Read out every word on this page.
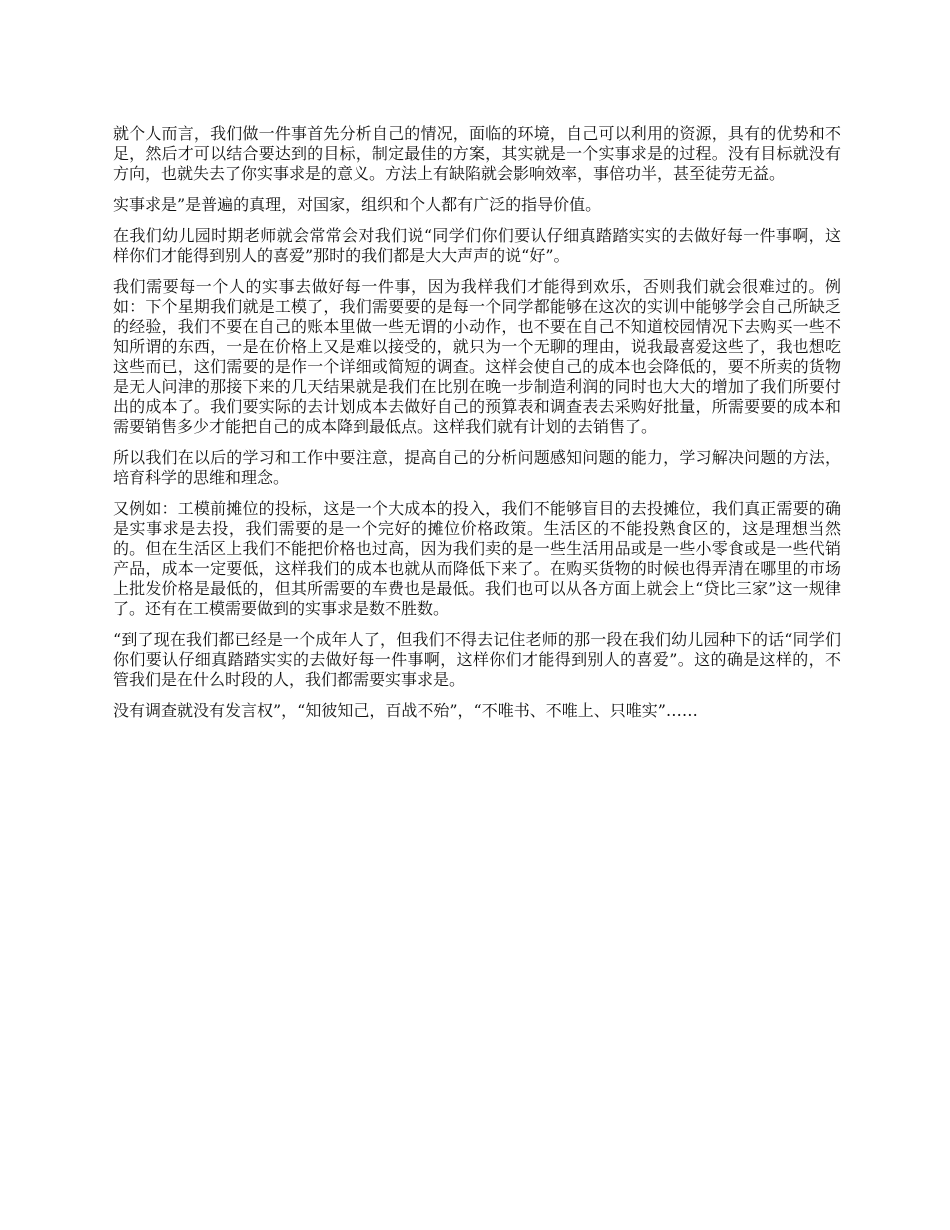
就个人而言，我们做一件事首先分析自己的情况，面临的环境，自己可以利用的资源，具有的优势和不足，然后才可以结合要达到的目标，制定最佳的方案，其实就是一个实事求是的过程。没有目标就没有方向，也就失去了你实事求是的意义。方法上有缺陷就会影响效率，事倍功半，甚至徒劳无益。

实事求是”是普遍的真理，对国家，组织和个人都有广泛的指导价值。

在我们幼儿园时期老师就会常常会对我们说“同学们你们要认仔细真踏踏实实的去做好每一件事啊，这样你们才能得到别人的喜爱”那时的我们都是大大声声的说“好”。

我们需要每一个人的实事去做好每一件事，因为我样我们才能得到欢乐，否则我们就会很难过的。例如：下个星期我们就是工模了，我们需要要的是每一个同学都能够在这次的实训中能够学会自己所缺乏的经验，我们不要在自己的账本里做一些无谓的小动作，也不要在自己不知道校园情况下去购买一些不知所谓的东西，一是在价格上又是难以接受的，就只为一个无聊的理由，说我最喜爱这些了，我也想吃这些而已，这们需要的是作一个详细或简短的调查。这样会使自己的成本也会降低的，要不所卖的货物是无人问津的那接下来的几天结果就是我们在比别在晚一步制造利润的同时也大大的增加了我们所要付出的成本了。我们要实际的去计划成本去做好自己的预算表和调查表去采购好批量，所需要要的成本和需要销售多少才能把自己的成本降到最低点。这样我们就有计划的去销售了。

所以我们在以后的学习和工作中要注意，提高自己的分析问题感知问题的能力，学习解决问题的方法，培育科学的思维和理念。

又例如：工模前摊位的投标，这是一个大成本的投入，我们不能够盲目的去投摊位，我们真正需要的确是实事求是去投，我们需要的是一个完好的摊位价格政策。生活区的不能投熟食区的，这是理想当然的。但在生活区上我们不能把价格也过高，因为我们卖的是一些生活用品或是一些小零食或是一些代销产品，成本一定要低，这样我们的成本也就从而降低下来了。在购买货物的时候也得弄清在哪里的市场上批发价格是最低的，但其所需要的车费也是最低。我们也可以从各方面上就会上“贷比三家”这一规律了。还有在工模需要做到的实事求是数不胜数。

“到了现在我们都已经是一个成年人了，但我们不得去记住老师的那一段在我们幼儿园种下的话“同学们你们要认仔细真踏踏实实的去做好每一件事啊，这样你们才能得到别人的喜爱”。这的确是这样的，不管我们是在什么时段的人，我们都需要实事求是。

没有调查就没有发言权”，“知彼知己，百战不殆”，“不唯书、不唯上、只唯实”……
